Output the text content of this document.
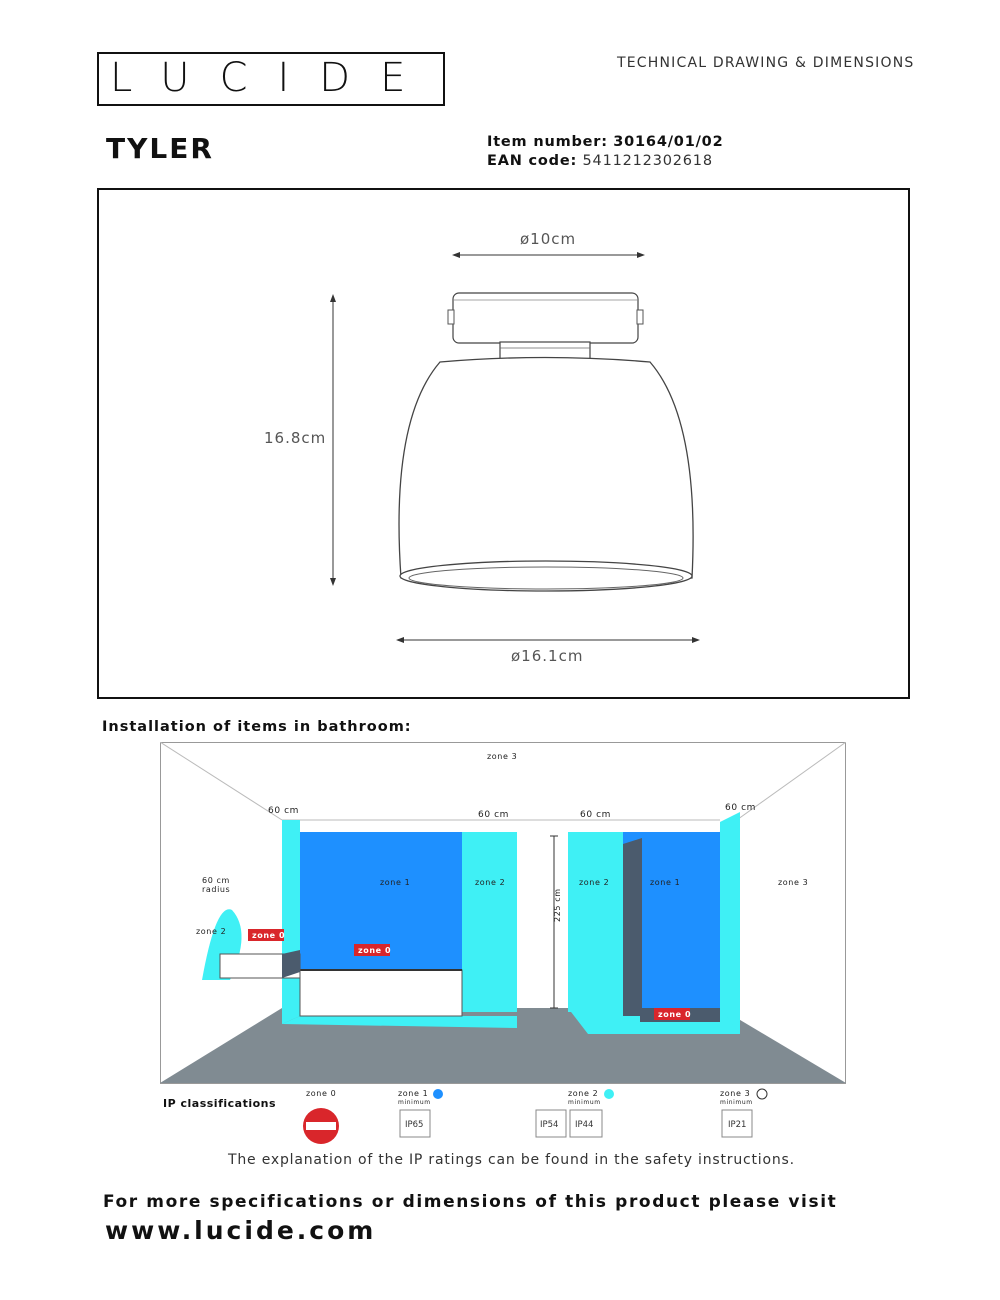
LUCIDE	TECHNICAL DRAWING & DIMENSIONS
TYLER	Item number: 30164/01/02
EAN code: 5411212302618
ø10cm
16.8cm
ø16.1cm
Installation of items in bathroom:
zone 3
60 cm	60 cm	60 cm
60 cm
60 cm
radius
zone 2	zone 0
zone 1
zone 0
zone 2
225 cm
zone 2	zone 1
zone 0
zone 3
IP classifications
zone 0	zone 1
minimum
IP65
zone 2
minimum
IP54 IP44
zone 3
minimum
IP21
The explanation of the IP ratings can be found in the safety instructions.
For more specifications or dimensions of this product please visit
www.lucide.com
